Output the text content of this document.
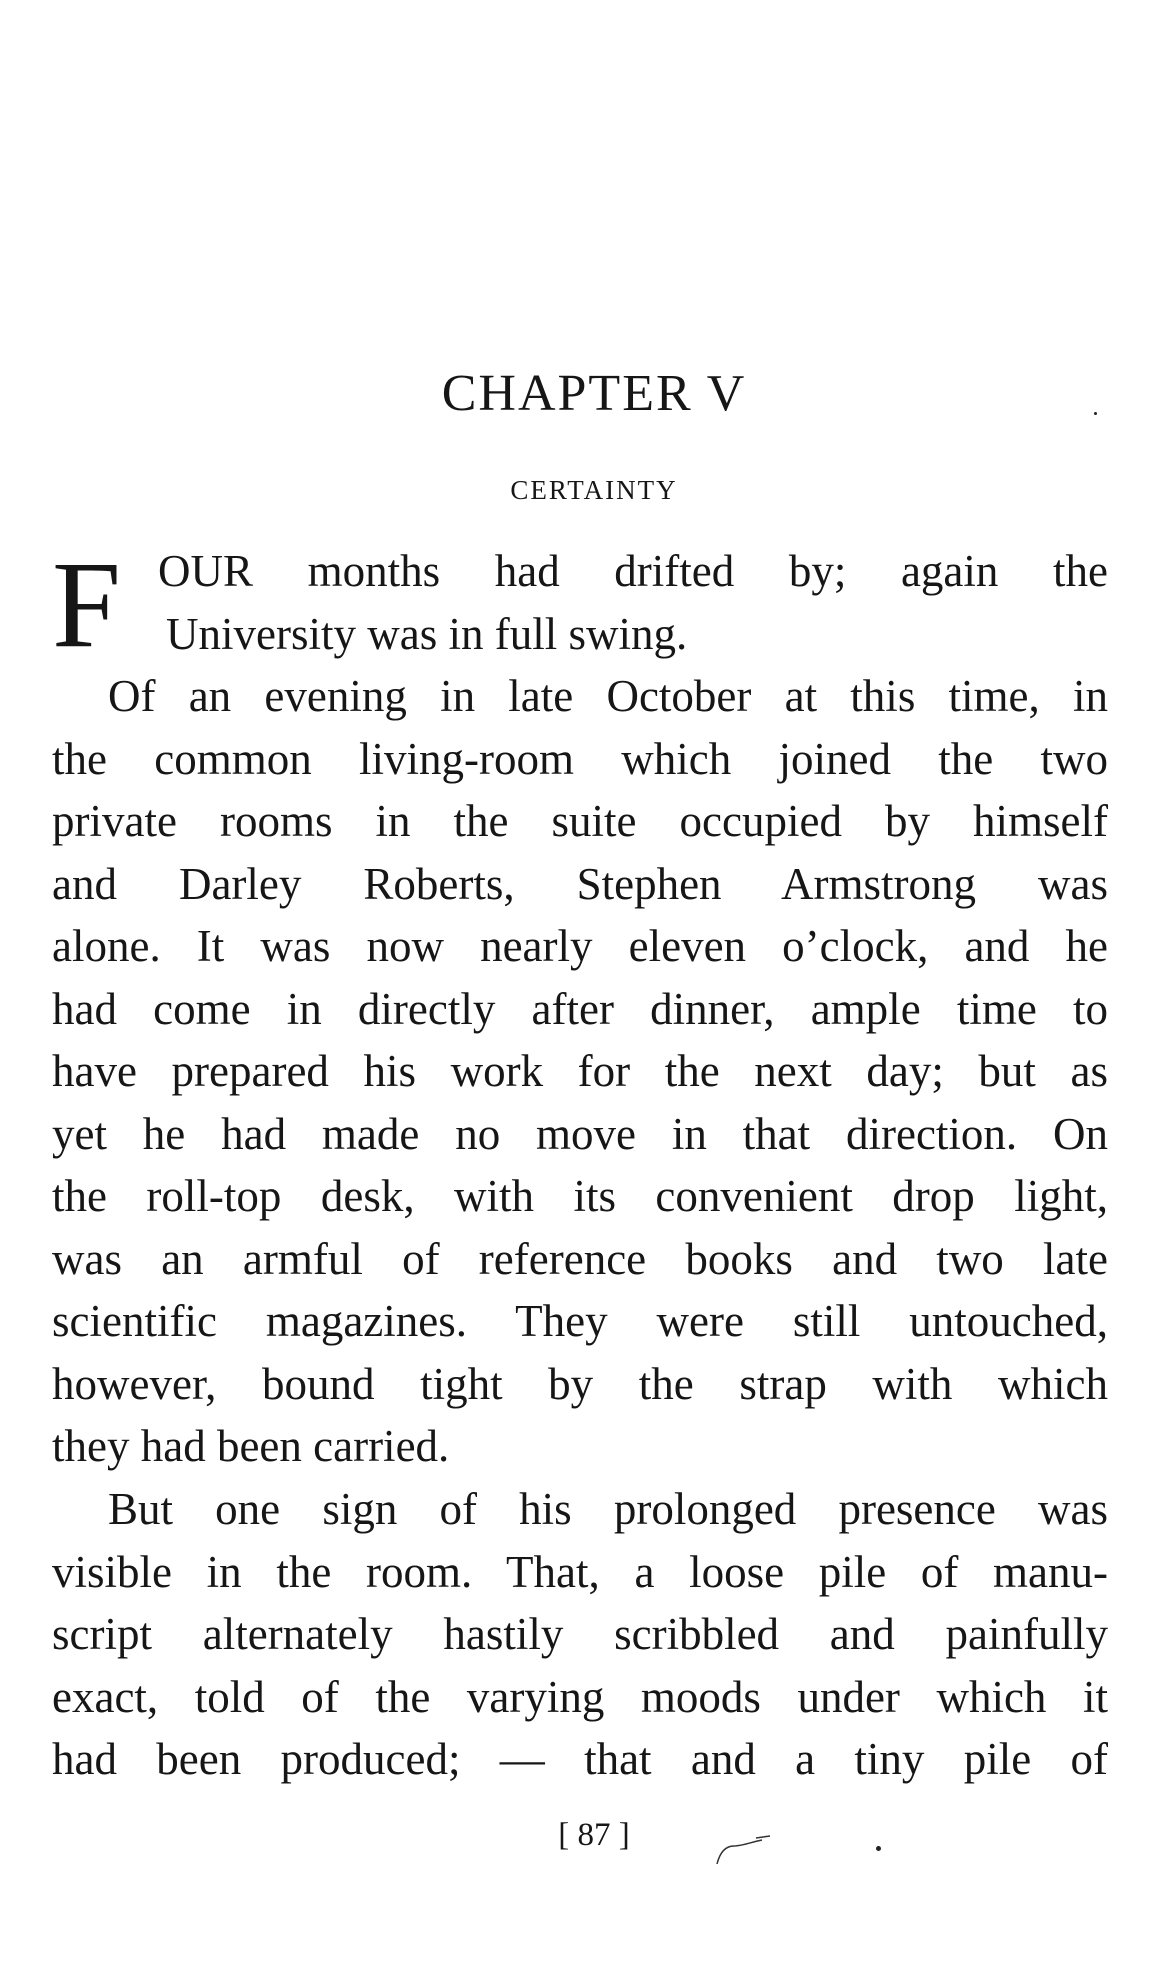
CHAPTER V
CERTAINTY
F OUR months had drifted by; again the
University was in full swing.
Of an evening in late October at this time, in
the common living-room which joined the two
private rooms in the suite occupied by himself
and Darley Roberts, Stephen Armstrong was
alone. It was now nearly eleven o’clock, and he
had come in directly after dinner, ample time to
have prepared his work for the next day; but as
yet he had made no move in that direction. On
the roll-top desk, with its convenient drop light,
was an armful of reference books and two late
scientific magazines. They were still untouched,
however, bound tight by the strap with which
they had been carried.
But one sign of his prolonged presence was
visible in the room. That, a loose pile of manu-
script alternately hastily scribbled and painfully
exact, told of the varying moods under which it
had been produced; — that and a tiny pile of
[ 87 ]
